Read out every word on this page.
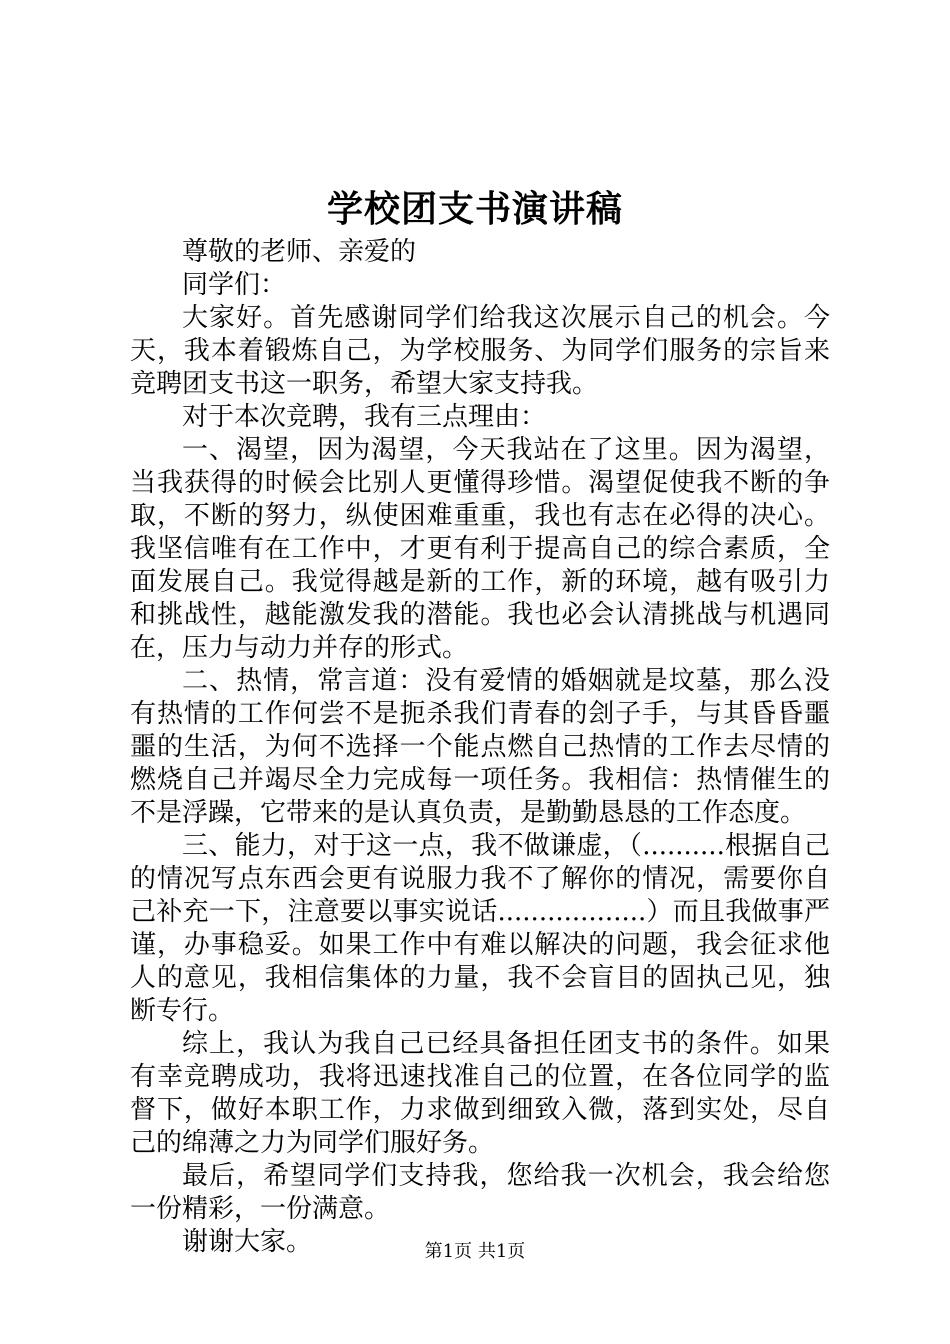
学校团支书演讲稿

尊敬的老师、亲爱的

同学们：

大家好。首先感谢同学们给我这次展示自己的机会。今天，我本着锻炼自己，为学校服务、为同学们服务的宗旨来竞聘团支书这一职务，希望大家支持我。

对于本次竞聘，我有三点理由：

一、渴望，因为渴望，今天我站在了这里。因为渴望，当我获得的时候会比别人更懂得珍惜。渴望促使我不断的争取，不断的努力，纵使困难重重，我也有志在必得的决心。我坚信唯有在工作中，才更有利于提高自己的综合素质，全面发展自己。我觉得越是新的工作，新的环境，越有吸引力和挑战性，越能激发我的潜能。我也必会认清挑战与机遇同在，压力与动力并存的形式。

二、热情，常言道：没有爱情的婚姻就是坟墓，那么没有热情的工作何尝不是扼杀我们青春的刽子手，与其昏昏噩噩的生活，为何不选择一个能点燃自己热情的工作去尽情的燃烧自己并竭尽全力完成每一项任务。我相信：热情催生的不是浮躁，它带来的是认真负责，是勤勤恳恳的工作态度。

三、能力，对于这一点，我不做谦虚，（..........根据自己的情况写点东西会更有说服力我不了解你的情况，需要你自己补充一下，注意要以事实说话..................）而且我做事严谨，办事稳妥。如果工作中有难以解决的问题，我会征求他人的意见，我相信集体的力量，我不会盲目的固执己见，独断专行。

综上，我认为我自己已经具备担任团支书的条件。如果有幸竞聘成功，我将迅速找准自己的位置，在各位同学的监督下，做好本职工作，力求做到细致入微，落到实处，尽自己的绵薄之力为同学们服好务。

最后，希望同学们支持我，您给我一次机会，我会给您一份精彩，一份满意。

谢谢大家。	第1页 共1页
